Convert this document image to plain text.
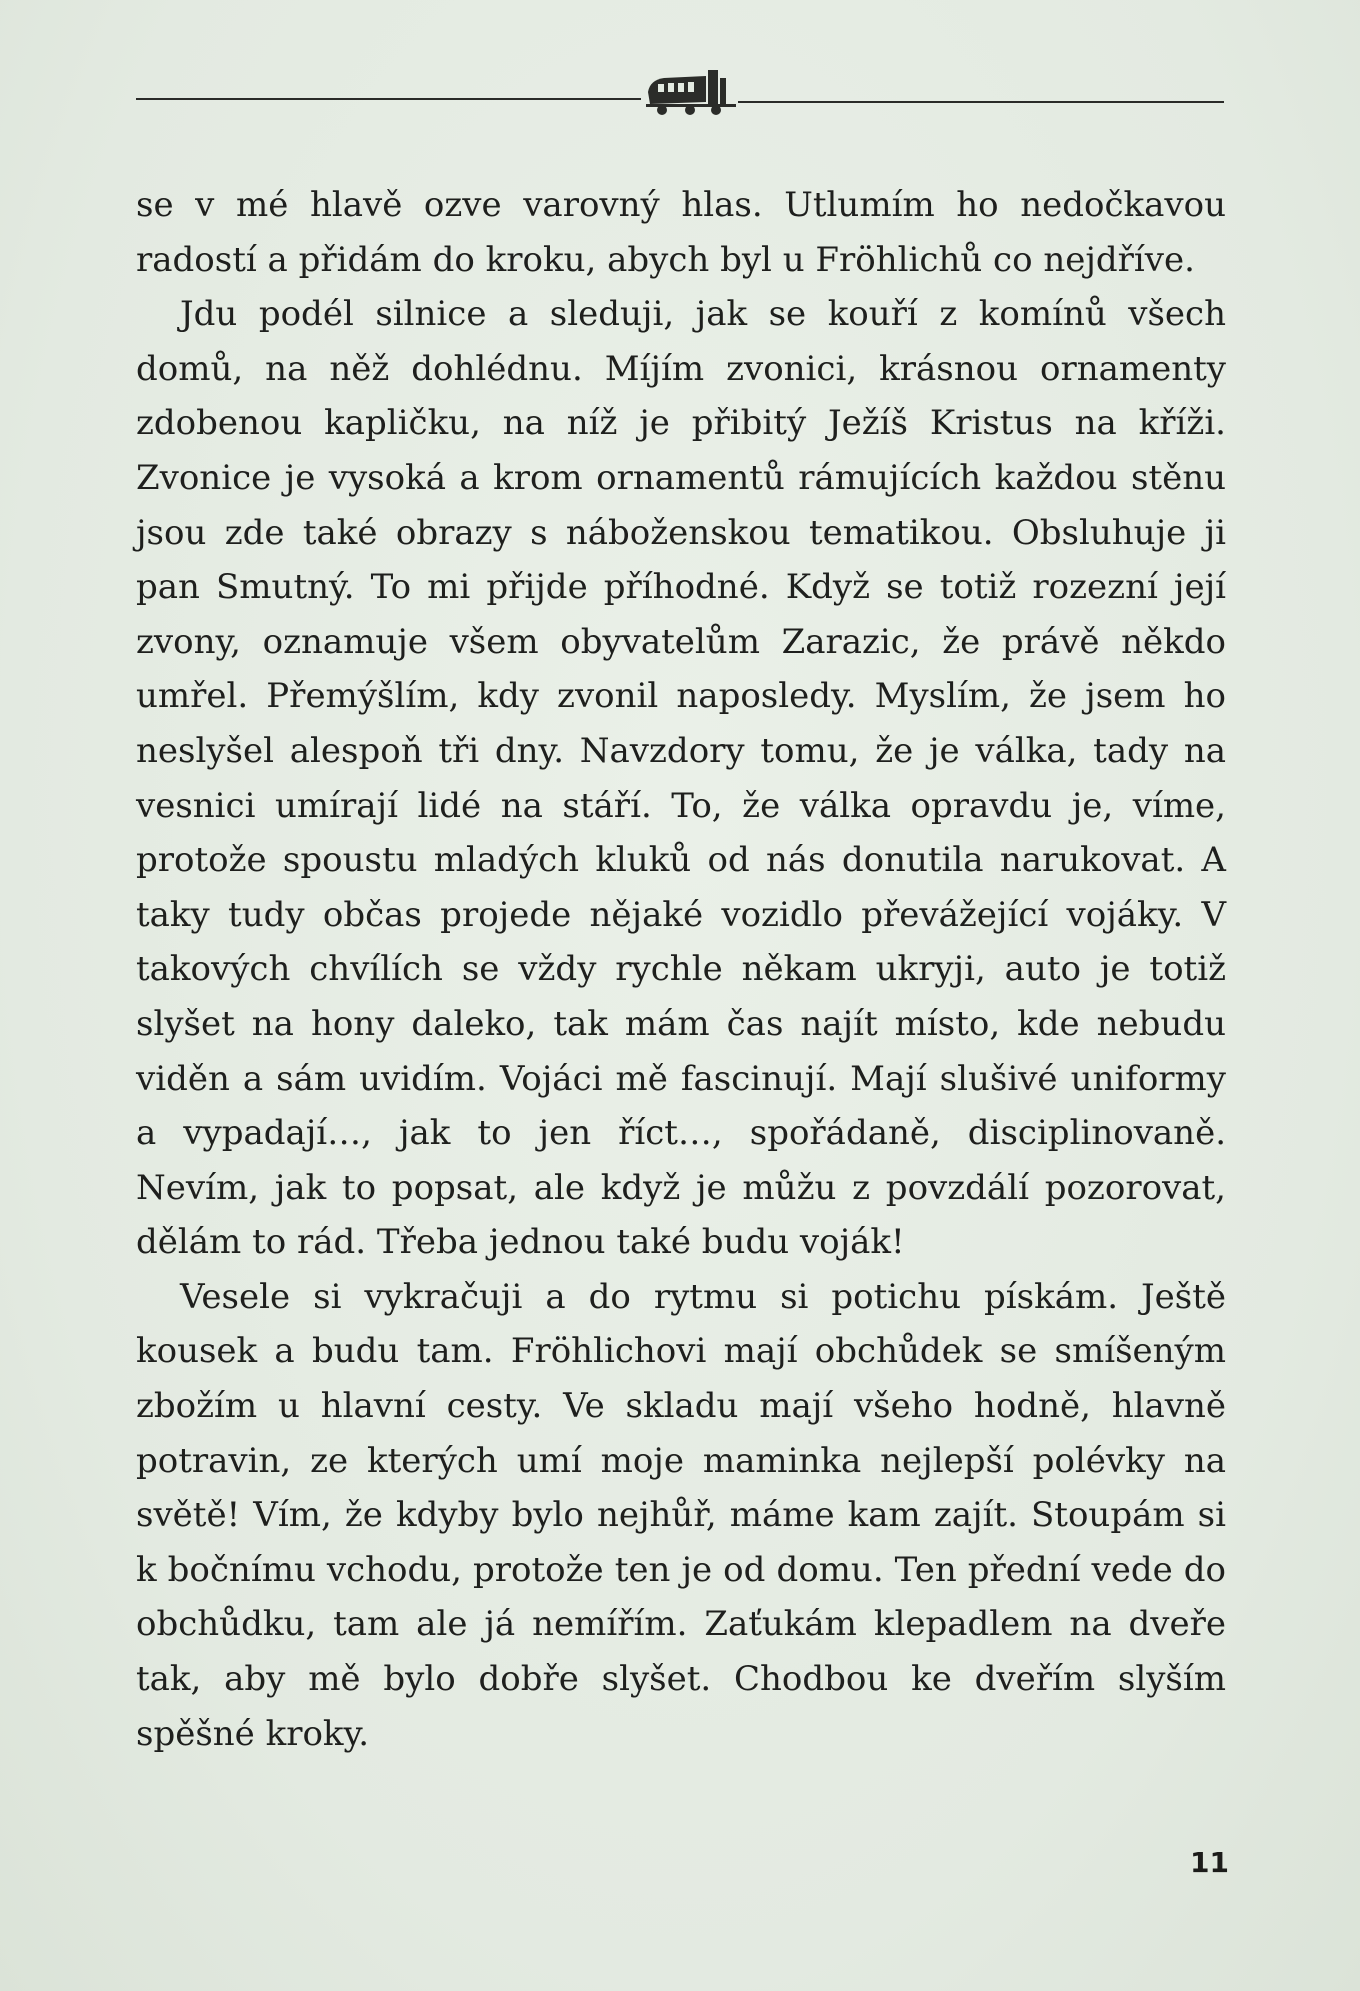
se v mé hlavě ozve varovný hlas. Utlumím ho nedočkavou radostí a přidám do kroku, abych byl u Fröhlichů co nejdříve.

Jdu podél silnice a sleduji, jak se kouří z komínů všech domů, na něž dohlédnu. Míjím zvonici, krásnou ornamenty zdobenou kapličku, na níž je přibitý Ježíš Kristus na kříži. Zvonice je vysoká a krom ornamentů rámujících každou stěnu jsou zde také obrazy s náboženskou tematikou. Obsluhuje ji pan Smutný. To mi přijde příhodné. Když se totiž rozezní její zvony, oznamuje všem obyvatelům Zarazic, že právě někdo umřel. Přemýšlím, kdy zvonil naposledy. Myslím, že jsem ho neslyšel alespoň tři dny. Navzdory tomu, že je válka, tady na vesnici umírají lidé na stáří. To, že válka opravdu je, víme, protože spoustu mladých kluků od nás donutila narukovat. A taky tudy občas projede nějaké vozidlo převážející vojáky. V takových chvílích se vždy rychle někam ukryji, auto je totiž slyšet na hony daleko, tak mám čas najít místo, kde nebudu viděn a sám uvidím. Vojáci mě fascinují. Mají slušivé uniformy a vypadají…, jak to jen říct…, spořádaně, disciplinovaně. Nevím, jak to popsat, ale když je můžu z povzdálí pozorovat, dělám to rád. Třeba jednou také budu voják!

Vesele si vykračuji a do rytmu si potichu pískám. Ještě kousek a budu tam. Fröhlichovi mají obchůdek se smíšeným zbožím u hlavní cesty. Ve skladu mají všeho hodně, hlavně potravin, ze kterých umí moje maminka nejlepší polévky na světě! Vím, že kdyby bylo nejhůř, máme kam zajít. Stoupám si k bočnímu vchodu, protože ten je od domu. Ten přední vede do obchůdku, tam ale já nemířím. Zaťukám klepadlem na dveře tak, aby mě bylo dobře slyšet. Chodbou ke dveřím slyším spěšné kroky.

11
